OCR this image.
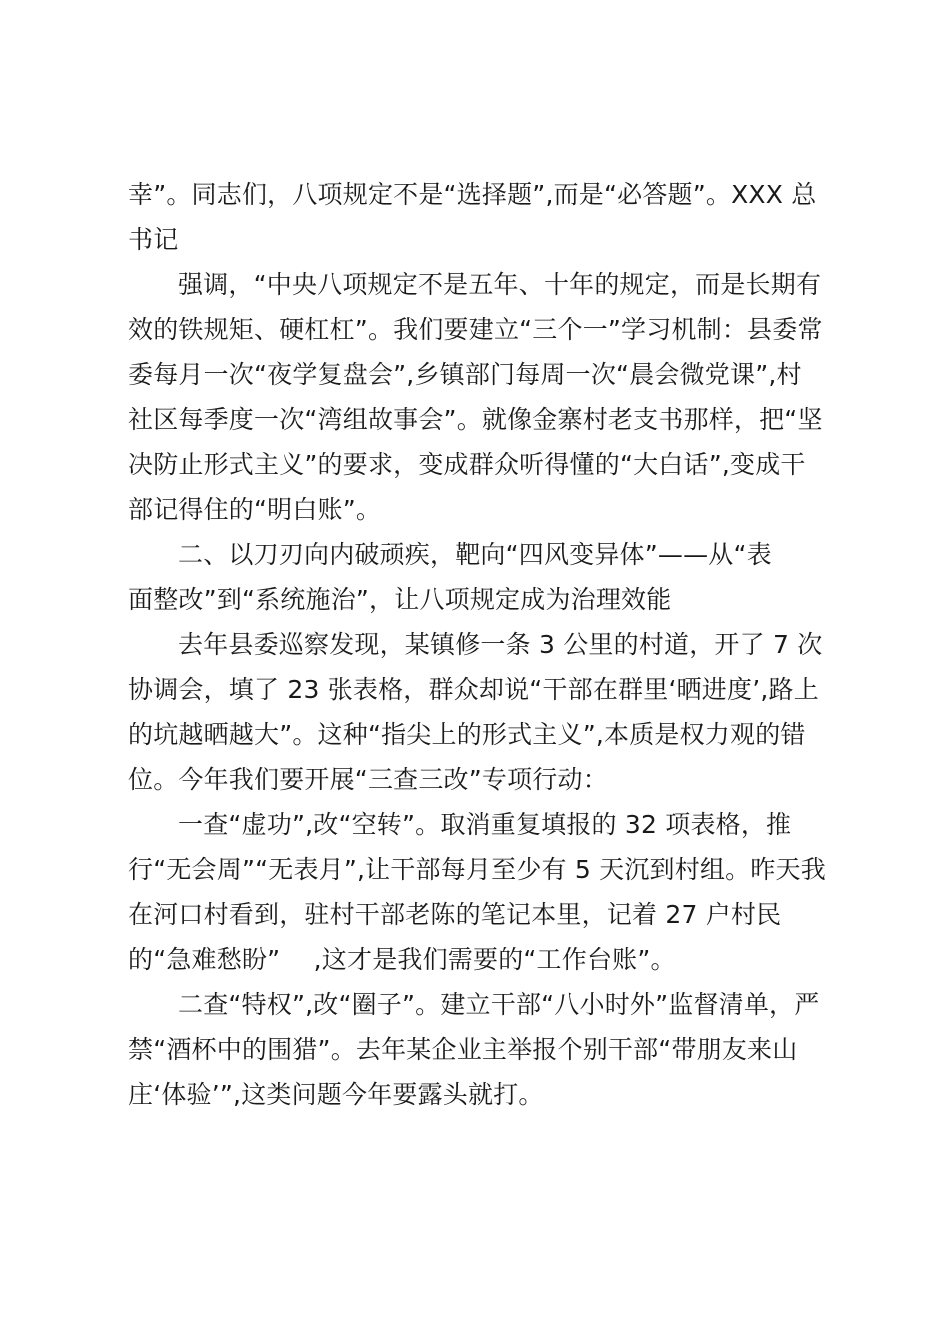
幸”。同志们，八项规定不是“选择题”,而是“必答题”。XXX 总
书记
强调，“中央八项规定不是五年、十年的规定，而是长期有
效的铁规矩、硬杠杠”。我们要建立“三个一”学习机制：县委常
委每月一次“夜学复盘会”,乡镇部门每周一次“晨会微党课”,村
社区每季度一次“湾组故事会”。就像金寨村老支书那样，把“坚
决防止形式主义”的要求，变成群众听得懂的“大白话”,变成干
部记得住的“明白账”。
二、以刀刃向内破顽疾，靶向“四风变异体”——从“表
面整改”到“系统施治”，让八项规定成为治理效能
去年县委巡察发现，某镇修一条 3 公里的村道，开了 7 次
协调会，填了 23 张表格，群众却说“干部在群里‘晒进度’,路上
的坑越晒越大”。这种“指尖上的形式主义”,本质是权力观的错
位。今年我们要开展“三查三改”专项行动：
一查“虚功”,改“空转”。取消重复填报的 32 项表格，推
行“无会周”“无表月”,让干部每月至少有 5 天沉到村组。昨天我
在河口村看到，驻村干部老陈的笔记本里，记着 27 户村民
的“急难愁盼”　 ,这才是我们需要的“工作台账”。
二查“特权”,改“圈子”。建立干部“八小时外”监督清单，严
禁“酒杯中的围猎”。去年某企业主举报个别干部“带朋友来山
庄‘体验’”,这类问题今年要露头就打。
